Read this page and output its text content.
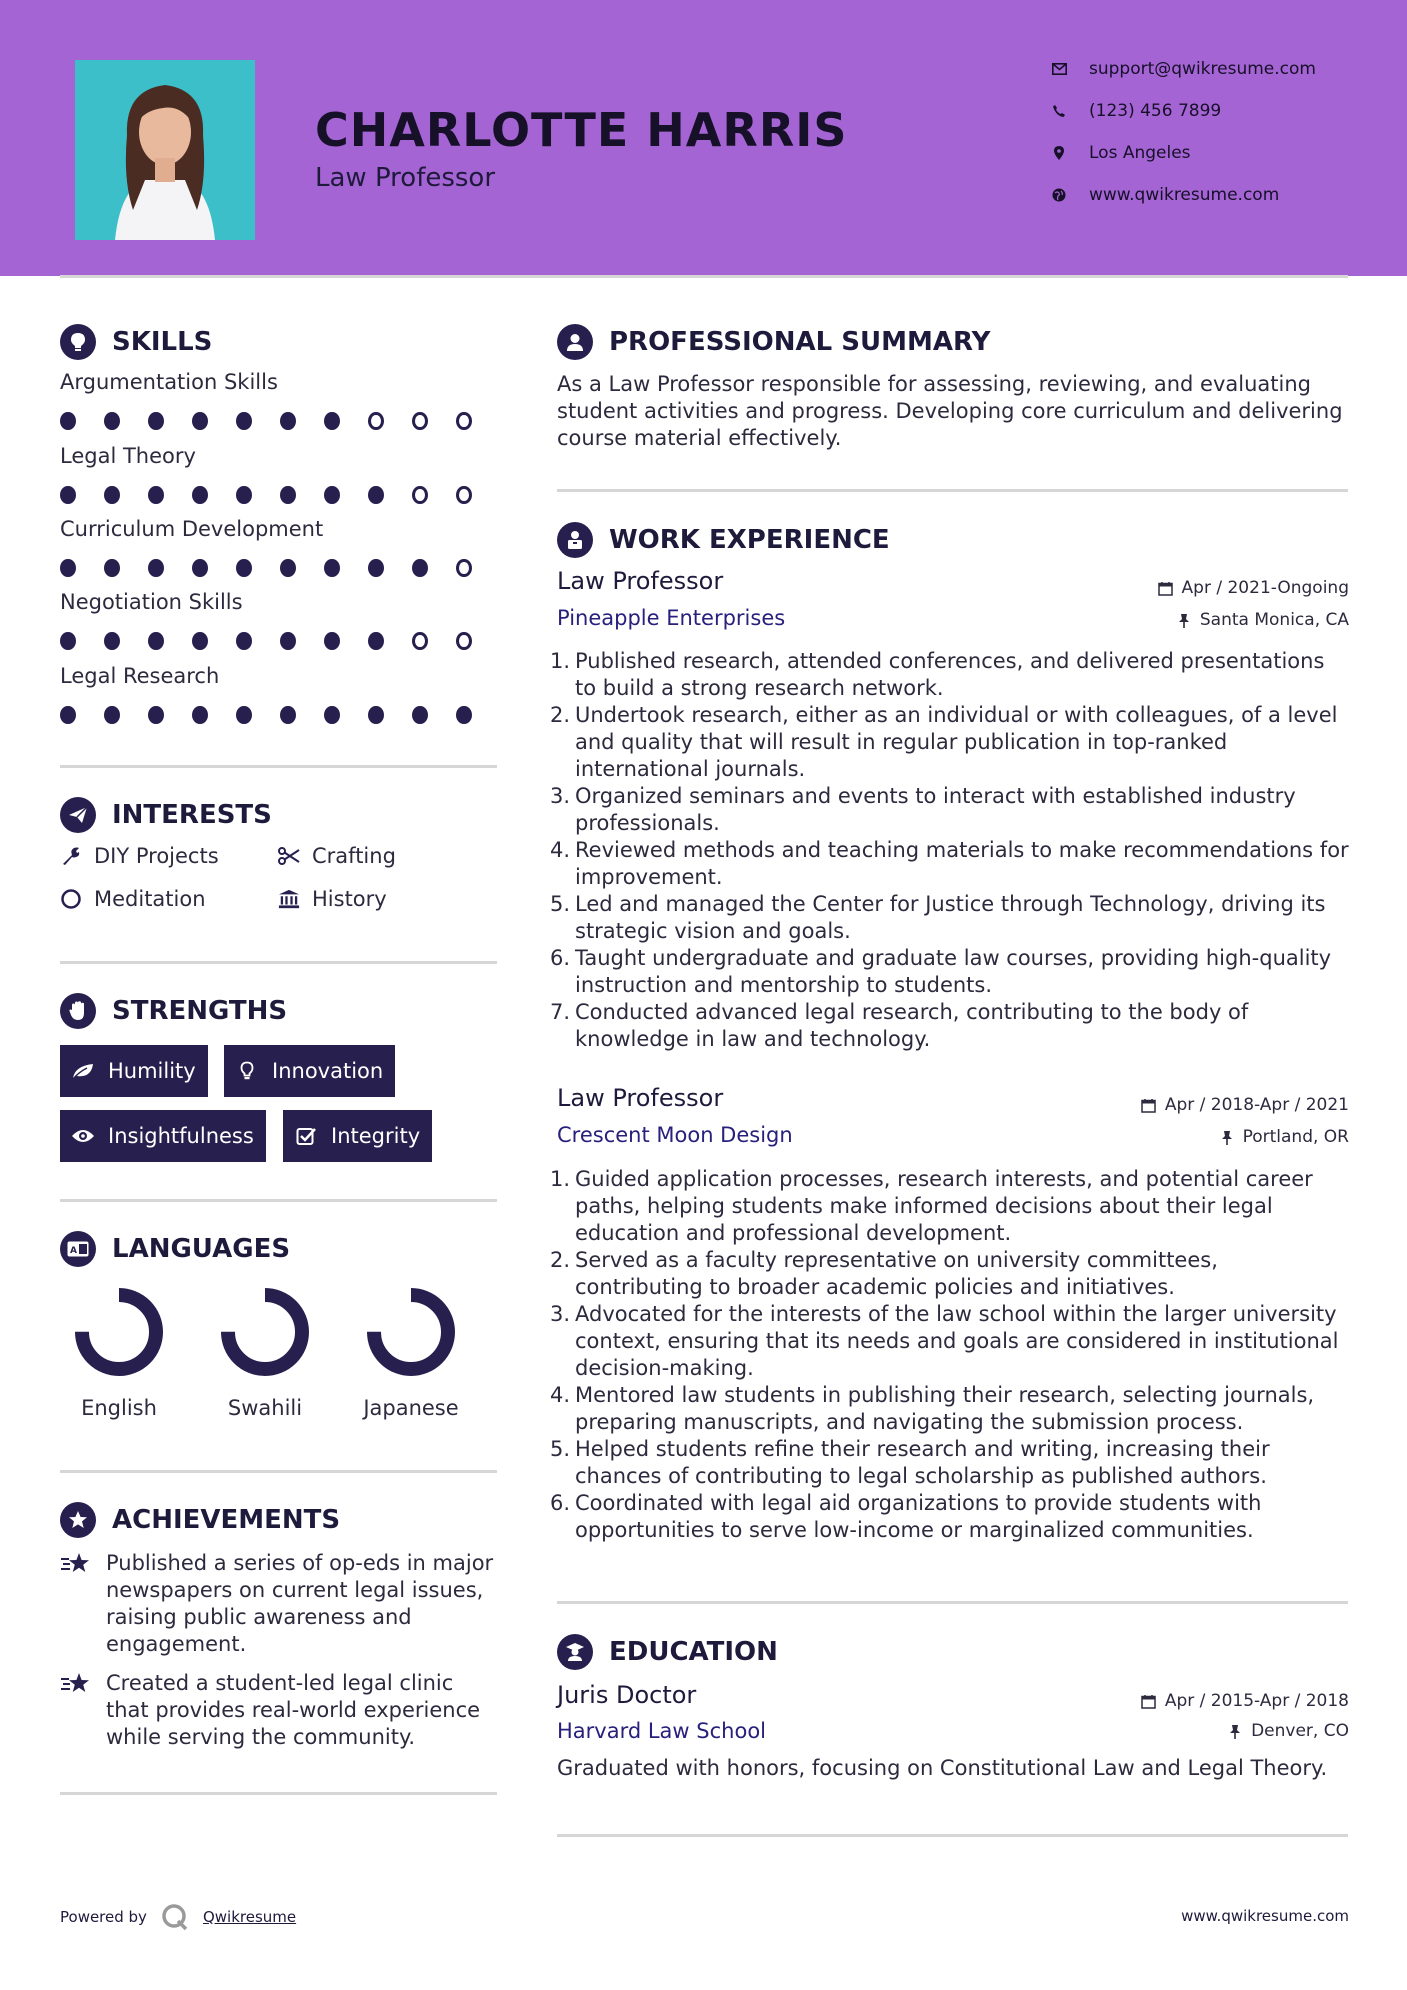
CHARLOTTE HARRIS
Law Professor
support@qwikresume.com
(123) 456 7899
Los Angeles
www.qwikresume.com
SKILLS
Argumentation Skills
Legal Theory
Curriculum Development
Negotiation Skills
Legal Research
INTERESTS
DIY Projects	Crafting
Meditation	History
STRENGTHS
Humility	Innovation
Insightfulness	Integrity
A LANGUAGES
English	Swahili	Japanese
ACHIEVEMENTS
Published a series of op-eds in major newspapers on current legal issues, raising public awareness and engagement.
Created a student-led legal clinic that provides real-world experience while serving the community.
PROFESSIONAL SUMMARY
As a Law Professor responsible for assessing, reviewing, and evaluating student activities and progress. Developing core curriculum and delivering course material effectively.
WORK EXPERIENCE
Law Professor	Apr / 2021-Ongoing
Pineapple Enterprises	Santa Monica, CA
1. Published research, attended conferences, and delivered presentations to build a strong research network.
2. Undertook research, either as an individual or with colleagues, of a level and quality that will result in regular publication in top-ranked international journals.
3. Organized seminars and events to interact with established industry professionals.
4. Reviewed methods and teaching materials to make recommendations for improvement.
5. Led and managed the Center for Justice through Technology, driving its strategic vision and goals.
6. Taught undergraduate and graduate law courses, providing high-quality instruction and mentorship to students.
7. Conducted advanced legal research, contributing to the body of knowledge in law and technology.
Law Professor	Apr / 2018-Apr / 2021
Crescent Moon Design	Portland, OR
1. Guided application processes, research interests, and potential career paths, helping students make informed decisions about their legal education and professional development.
2. Served as a faculty representative on university committees, contributing to broader academic policies and initiatives.
3. Advocated for the interests of the law school within the larger university context, ensuring that its needs and goals are considered in institutional decision-making.
4. Mentored law students in publishing their research, selecting journals, preparing manuscripts, and navigating the submission process.
5. Helped students refine their research and writing, increasing their chances of contributing to legal scholarship as published authors.
6. Coordinated with legal aid organizations to provide students with opportunities to serve low-income or marginalized communities.
EDUCATION
Juris Doctor	Apr / 2015-Apr / 2018
Harvard Law School	Denver, CO
Graduated with honors, focusing on Constitutional Law and Legal Theory.
Powered by	Qwikresume	www.qwikresume.com
